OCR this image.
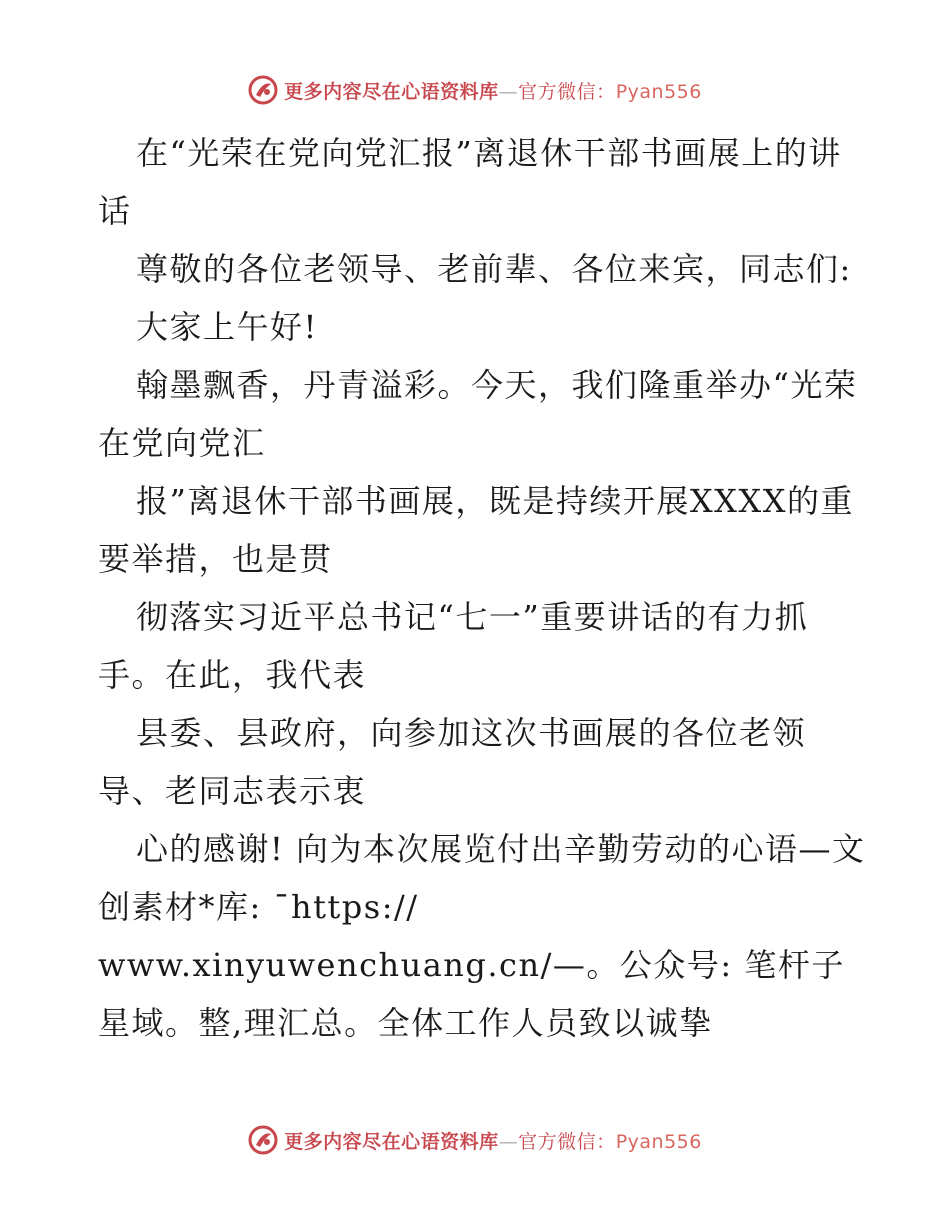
更多内容尽在心语资料库—官方微信：Pyan556

在“光荣在党向党汇报”离退休干部书画展上的讲话

尊敬的各位老领导、老前辈、各位来宾，同志们:

大家上午好!

翰墨飘香，丹青溢彩。今天，我们隆重举办“光荣在党向党汇

报”离退休干部书画展，既是持续开展XXXX的重要举措，也是贯

彻落实习近平总书记“七一”重要讲话的有力抓手。在此，我代表

县委、县政府，向参加这次书画展的各位老领导、老同志表示衷

心的感谢! 向为本次展览付出辛勤劳动的心语—文创素材*库: ¯https://

www.xinyuwenchuang.cn/—。公众号: 笔杆子星域。整,理汇总。全体工作人员致以诚挚

更多内容尽在心语资料库—官方微信：Pyan556
